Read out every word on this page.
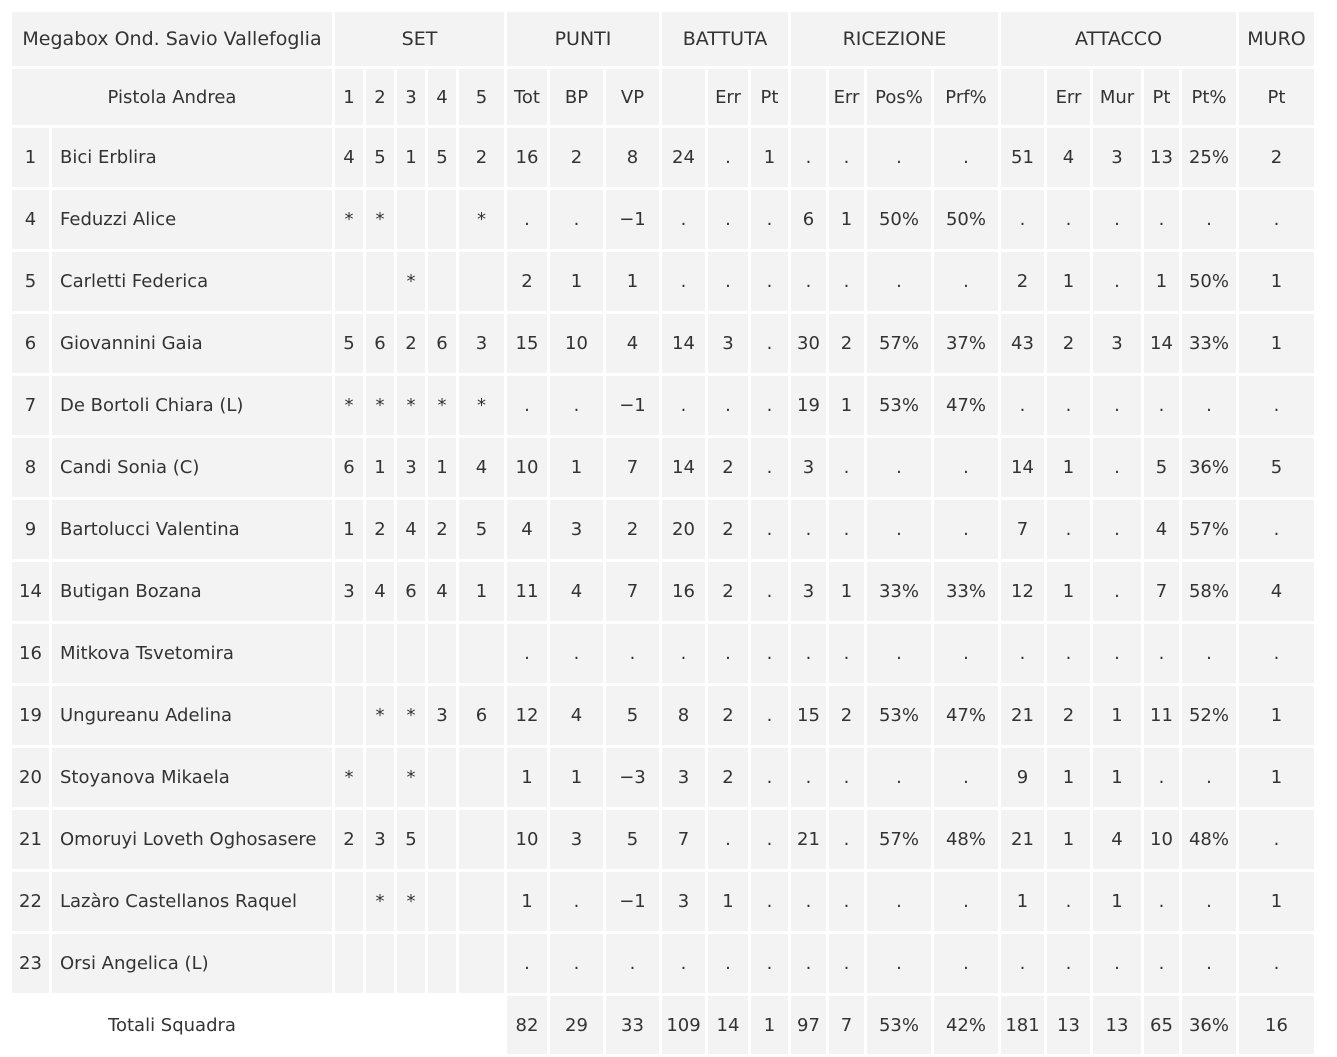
Megabox Ond. Savio Vallefoglia		SET					PUNTI			BATTUTA			RICEZIONE				ATTACCO					MURO
Pistola Andrea		1	2	3	4	5	Tot	BP	VP		Err	Pt		Err	Pos%	Prf%		Err	Mur	Pt	Pt%	Pt
1	Bici Erblira	4	5	1	5	2	16	2	8	24	.	1	.	.	.	.	51	4	3	13	25%	2
4	Feduzzi Alice	*	*			*	.	.	−1	.	.	.	6	1	50%	50%	.	.	.	.	.	.
5	Carletti Federica			*			2	1	1	.	.	.	.	.	.	.	2	1	.	1	50%	1
6	Giovannini Gaia	5	6	2	6	3	15	10	4	14	3	.	30	2	57%	37%	43	2	3	14	33%	1
7	De Bortoli Chiara (L)	*	*	*	*	*	.	.	−1	.	.	.	19	1	53%	47%	.	.	.	.	.	.
8	Candi Sonia (C)	6	1	3	1	4	10	1	7	14	2	.	3	.	.	.	14	1	.	5	36%	5
9	Bartolucci Valentina	1	2	4	2	5	4	3	2	20	2	.	.	.	.	.	7	.	.	4	57%	.
14	Butigan Bozana	3	4	6	4	1	11	4	7	16	2	.	3	1	33%	33%	12	1	.	7	58%	4
16	Mitkova Tsvetomira						.	.	.	.	.	.	.	.	.	.	.	.	.	.	.	.
19	Ungureanu Adelina		*	*	3	6	12	4	5	8	2	.	15	2	53%	47%	21	2	1	11	52%	1
20	Stoyanova Mikaela	*		*			1	1	−3	3	2	.	.	.	.	.	9	1	1	.	.	1
21	Omoruyi Loveth Oghosasere	2	3	5			10	3	5	7	.	.	21	.	57%	48%	21	1	4	10	48%	.
22	Lazàro Castellanos Raquel		*	*			1	.	−1	3	1	.	.	.	.	.	1	.	1	.	.	1
23	Orsi Angelica (L)						.	.	.	.	.	.	.	.	.	.	.	.	.	.	.	.
Totali Squadra							82	29	33	109	14	1	97	7	53%	42%	181	13	13	65	36%	16
